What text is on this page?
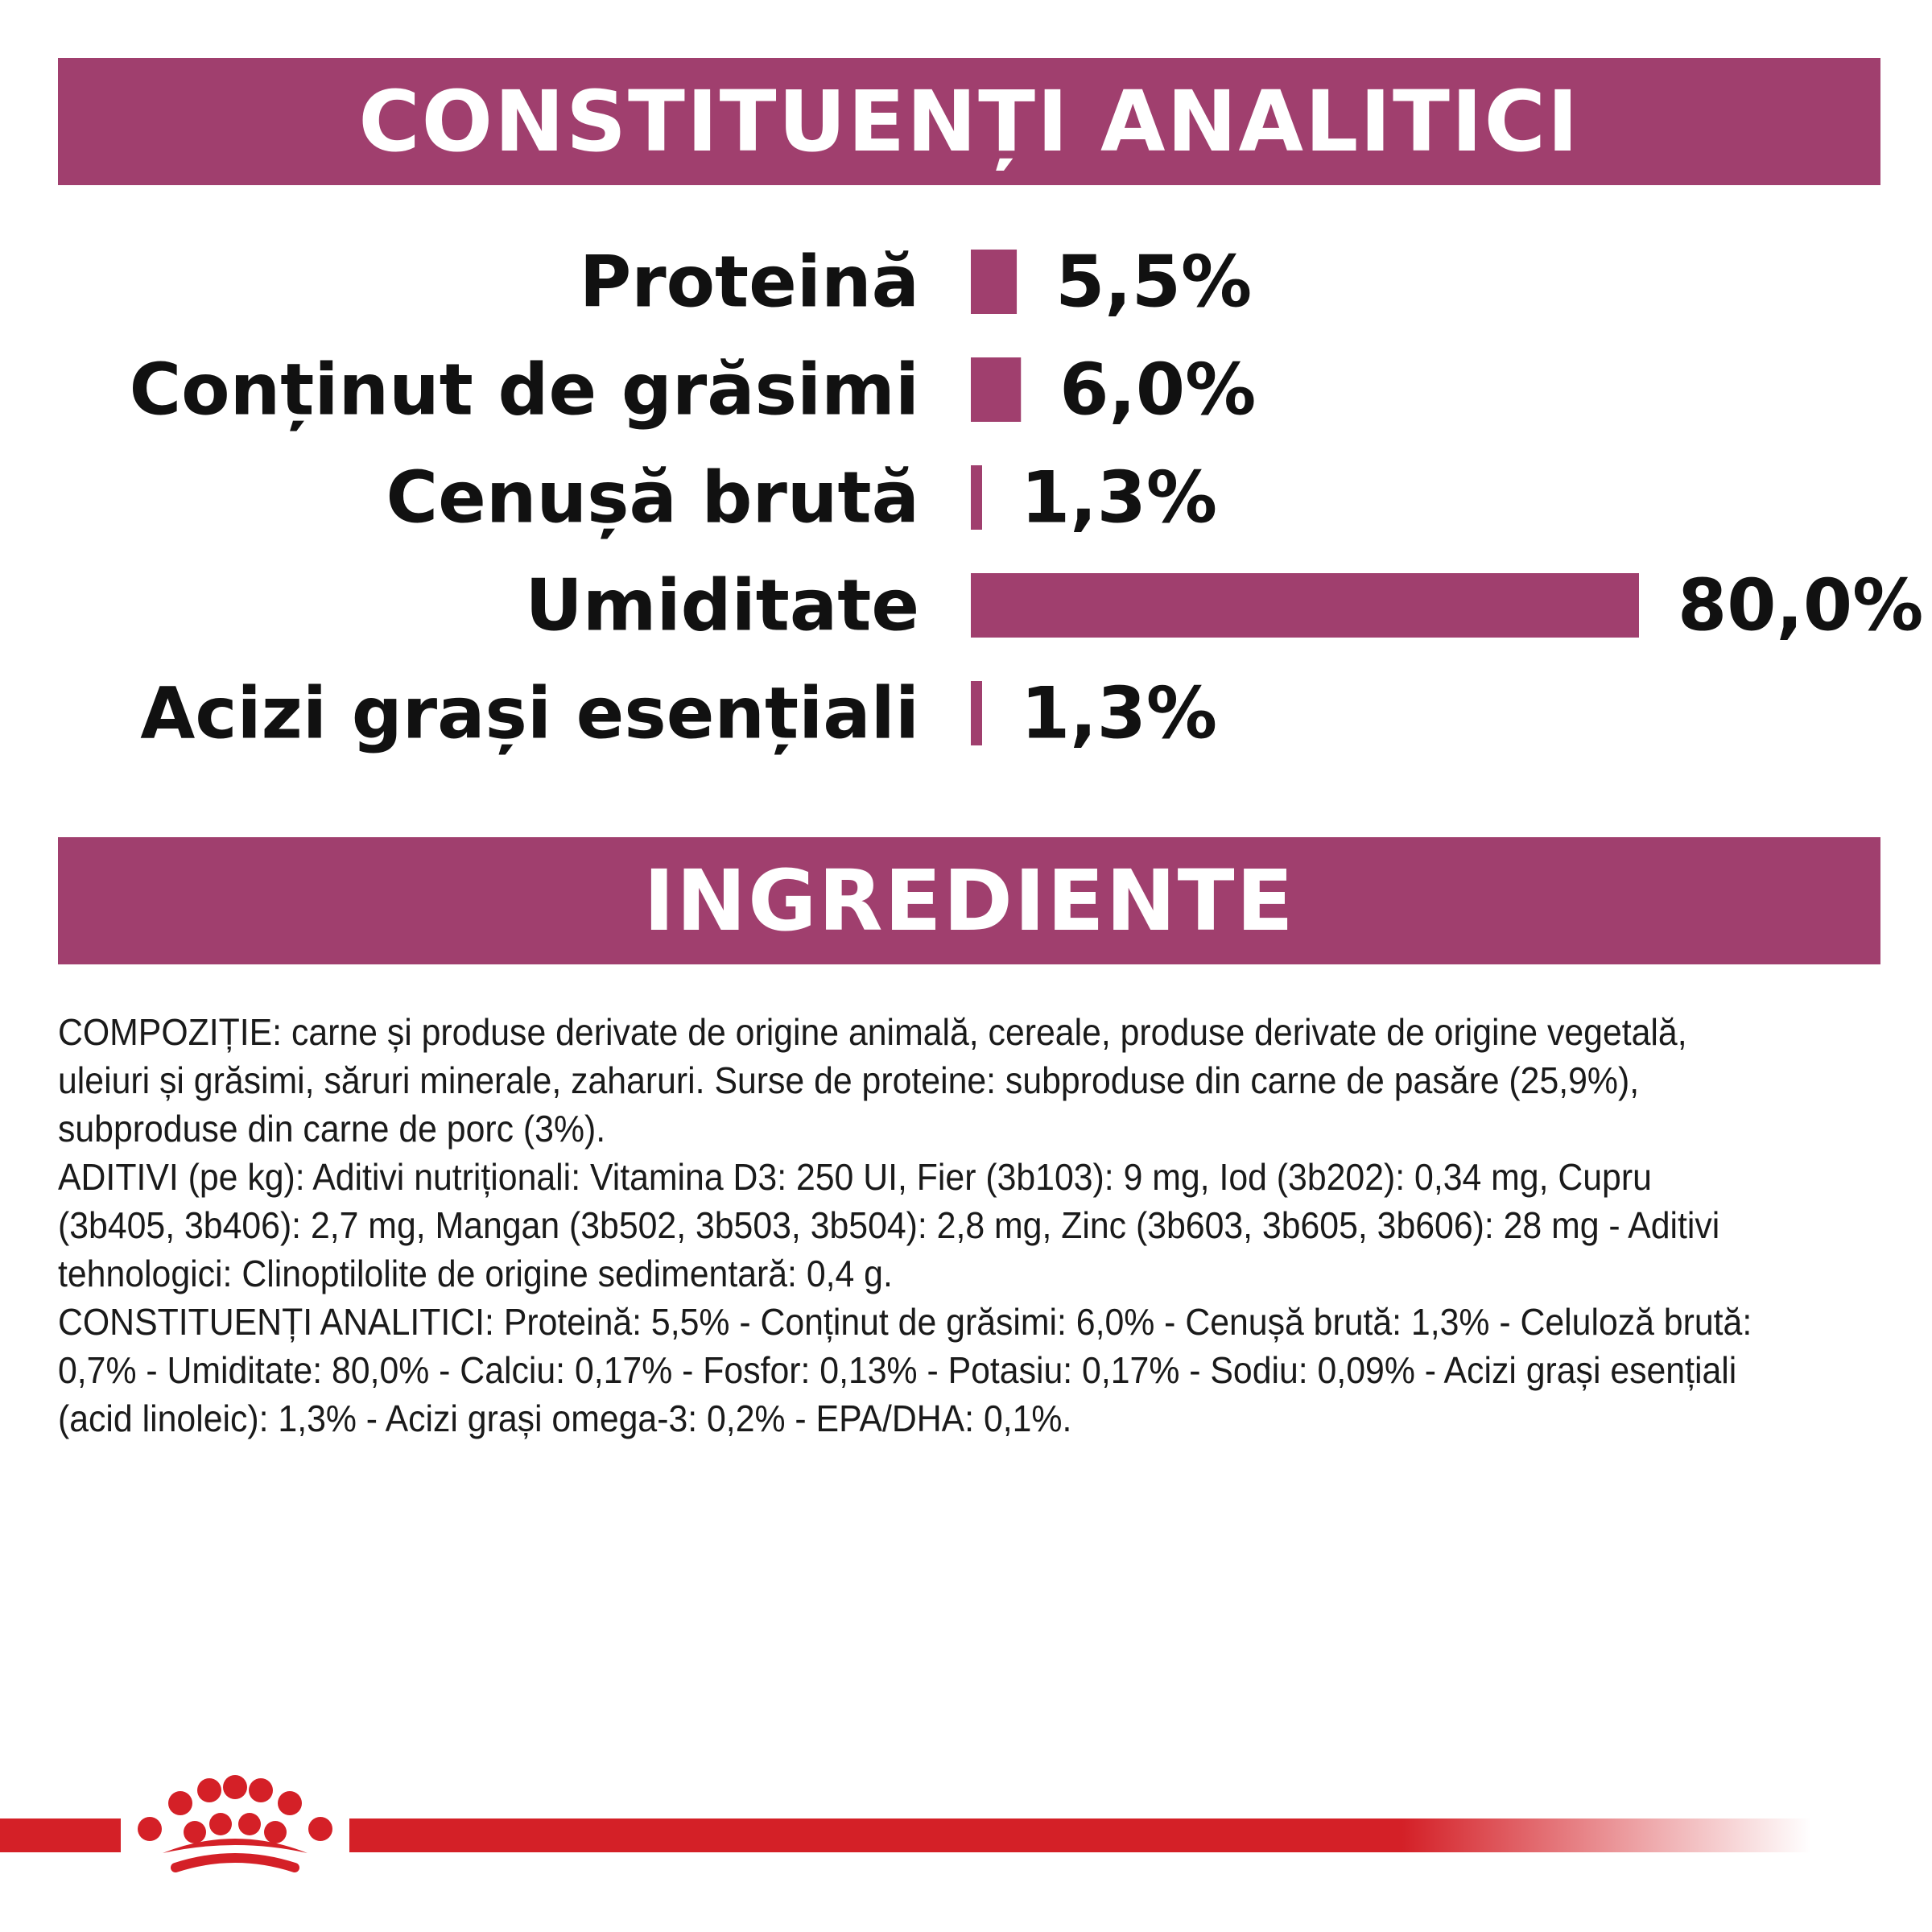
CONSTITUENȚI ANALITICI
Proteină 5,5%
Conținut de grăsimi 6,0%
Cenușă brută 1,3%
Umiditate	80,0%
Acizi grași esențiali 1,3%
INGREDIENTE

COMPOZIȚIE: carne și produse derivate de origine animală, cereale, produse derivate de origine vegetală, uleiuri și grăsimi, săruri minerale, zaharuri. Surse de proteine: subproduse din carne de pasăre (25,9%), subproduse din carne de porc (3%).

ADITIVI (pe kg): Aditivi nutriționali: Vitamina D3: 250 UI, Fier (3b103): 9 mg, Iod (3b202): 0,34 mg, Cupru (3b405, 3b406): 2,7 mg, Mangan (3b502, 3b503, 3b504): 2,8 mg, Zinc (3b603, 3b605, 3b606): 28 mg - Aditivi tehnologici: Clinoptilolite de origine sedimentară: 0,4 g.

CONSTITUENȚI ANALITICI: Proteină: 5,5% - Conținut de grăsimi: 6,0% - Cenușă brută: 1,3% - Celuloză brută: 0,7% - Umiditate: 80,0% - Calciu: 0,17% - Fosfor: 0,13% - Potasiu: 0,17% - Sodiu: 0,09% - Acizi grași esențiali (acid linoleic): 1,3% - Acizi grași omega-3: 0,2% - EPA/DHA: 0,1%.
